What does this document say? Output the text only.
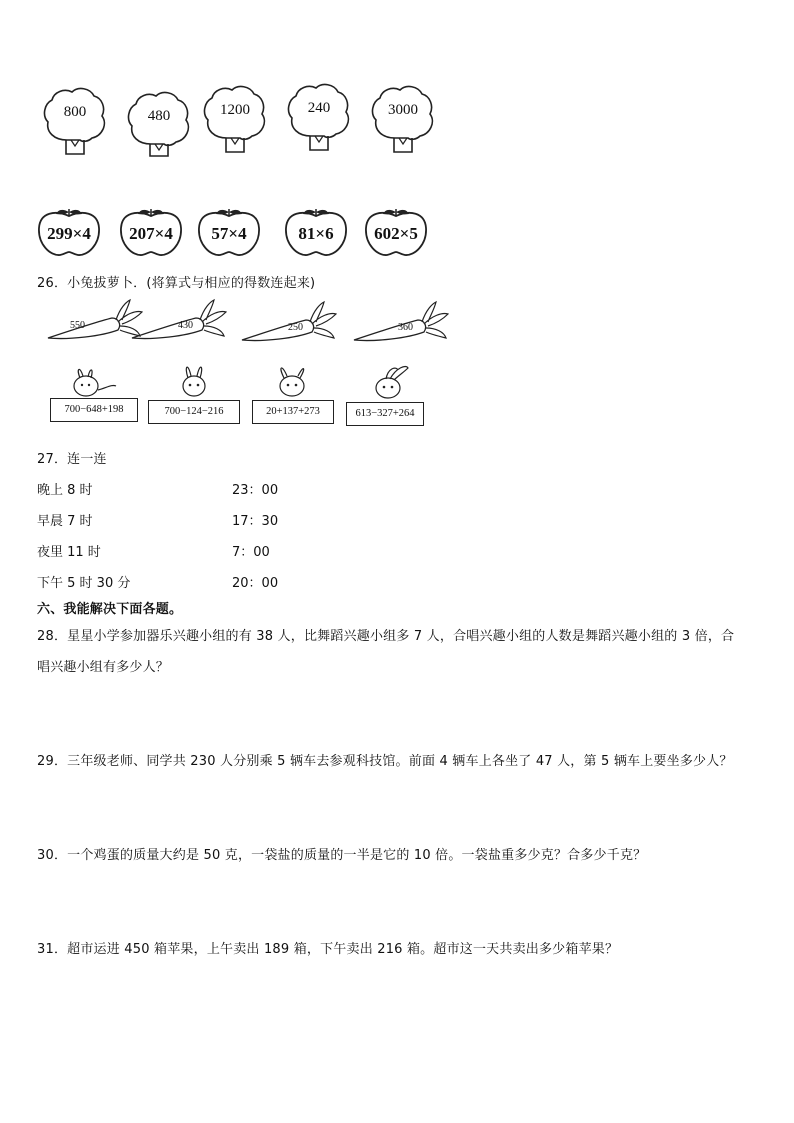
800	480	1200	240	3000
299×4	207×4	57×4	81×6	602×5
26．小兔拔萝卜．(将算式与相应的得数连起来)
550	430	250	360
700−648+198	700−124−216	20+137+273	613−327+264
27．连一连
晚上 8 时
早晨 7 时
夜里 11 时
下午 5 时 30 分
23：00
17：30
7：00
20：00
六、我能解决下面各题。
28．星星小学参加器乐兴趣小组的有 38 人，比舞蹈兴趣小组多 7 人，合唱兴趣小组的人数是舞蹈兴趣小组的 3 倍，合
唱兴趣小组有多少人？
29．三年级老师、同学共 230 人分别乘 5 辆车去参观科技馆。前面 4 辆车上各坐了 47 人，第 5 辆车上要坐多少人？
30．一个鸡蛋的质量大约是 50 克，一袋盐的质量的一半是它的 10 倍。一袋盐重多少克？合多少千克？
31．超市运进 450 箱苹果，上午卖出 189 箱，下午卖出 216 箱。超市这一天共卖出多少箱苹果？
